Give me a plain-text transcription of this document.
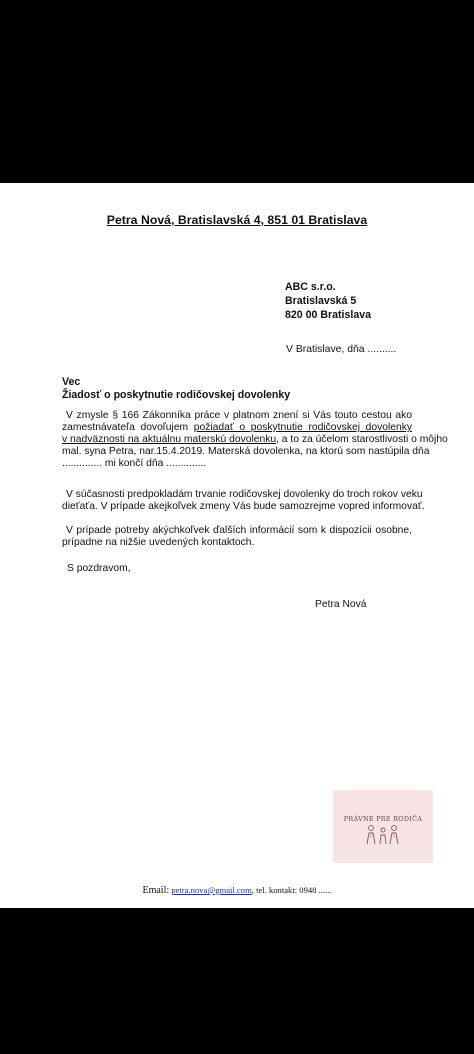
Petra Nová, Bratislavská 4, 851 01 Bratislava
ABC s.r.o.
Bratislavská 5
820 00 Bratislava
V Bratislave, dňa ..........
Vec
Žiadosť o poskytnutie rodičovskej dovolenky
V zmysle § 166 Zákonníka práce v platnom znení si Vás touto cestou ako
zamestnávateľa dovoľujem požiadať o poskytnutie rodičovskej dovolenky
v nadväznosti na aktuálnu materskú dovolenku, a to za účelom starostlivosti o môjho
mal. syna Petra, nar.15.4.2019. Materská dovolenka, na ktorú som nastúpila dňa
.............. mi končí dňa ..............
V súčasnosti predpokladám trvanie rodičovskej dovolenky do troch rokov veku
dieťaťa. V prípade akejkoľvek zmeny Vás bude samozrejme vopred informovať.
V prípade potreby akýchkoľvek ďalších informácií som k dispozícii osobne,
prípadne na nižšie uvedených kontaktoch.
S pozdravom,
Petra Nová
PRÁVNE PRE RODIČA
Email: petra.nova@gmail.com, tel. kontakt: 0948 ......
